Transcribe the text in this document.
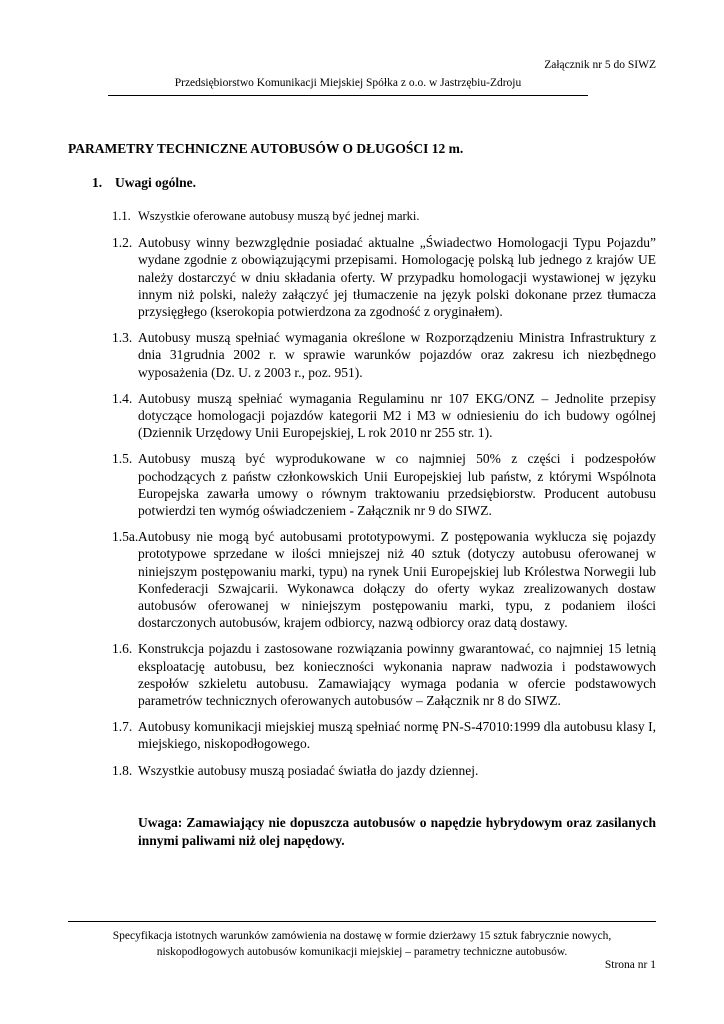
Załącznik nr 5 do SIWZ
Przedsiębiorstwo Komunikacji Miejskiej Spółka z o.o. w Jastrzębiu-Zdroju
PARAMETRY TECHNICZNE AUTOBUSÓW O DŁUGOŚCI 12 m.
1. Uwagi ogólne.
1.1. Wszystkie oferowane autobusy muszą być jednej marki.
1.2. Autobusy winny bezwzględnie posiadać aktualne „Świadectwo Homologacji Typu Pojazdu” wydane zgodnie z obowiązującymi przepisami. Homologację polską lub jednego z krajów UE należy dostarczyć w dniu składania oferty. W przypadku homologacji wystawionej w języku innym niż polski, należy załączyć jej tłumaczenie na język polski dokonane przez tłumacza przysięgłego (kserokopia potwierdzona za zgodność z oryginałem).
1.3. Autobusy muszą spełniać wymagania określone w Rozporządzeniu Ministra Infrastruktury z dnia 31grudnia 2002 r. w sprawie warunków pojazdów oraz zakresu ich niezbędnego wyposażenia (Dz. U. z 2003 r., poz. 951).
1.4. Autobusy muszą spełniać wymagania Regulaminu nr 107 EKG/ONZ – Jednolite przepisy dotyczące homologacji pojazdów kategorii M2 i M3 w odniesieniu do ich budowy ogólnej (Dziennik Urzędowy Unii Europejskiej, L rok 2010 nr 255 str. 1).
1.5. Autobusy muszą być wyprodukowane w co najmniej 50% z części i podzespołów pochodzących z państw członkowskich Unii Europejskiej lub państw, z którymi Wspólnota Europejska zawarła umowy o równym traktowaniu przedsiębiorstw. Producent autobusu potwierdzi ten wymóg oświadczeniem - Załącznik nr 9 do SIWZ.
1.5a. Autobusy nie mogą być autobusami prototypowymi. Z postępowania wyklucza się pojazdy prototypowe sprzedane w ilości mniejszej niż 40 sztuk (dotyczy autobusu oferowanej w niniejszym postępowaniu marki, typu) na rynek Unii Europejskiej lub Królestwa Norwegii lub Konfederacji Szwajcarii. Wykonawca dołączy do oferty wykaz zrealizowanych dostaw autobusów oferowanej w niniejszym postępowaniu marki, typu, z podaniem ilości dostarczonych autobusów, krajem odbiorcy, nazwą odbiorcy oraz datą dostawy.
1.6. Konstrukcja pojazdu i zastosowane rozwiązania powinny gwarantować, co najmniej 15 letnią eksploatację autobusu, bez konieczności wykonania napraw nadwozia i podstawowych zespołów szkieletu autobusu. Zamawiający wymaga podania w ofercie podstawowych parametrów technicznych oferowanych autobusów – Załącznik nr 8 do SIWZ.
1.7. Autobusy komunikacji miejskiej muszą spełniać normę PN-S-47010:1999 dla autobusu klasy I, miejskiego, niskopodłogowego.
1.8. Wszystkie autobusy muszą posiadać światła do jazdy dziennej.

Uwaga: Zamawiający nie dopuszcza autobusów o napędzie hybrydowym oraz zasilanych innymi paliwami niż olej napędowy.

Specyfikacja istotnych warunków zamówienia na dostawę w formie dzierżawy 15 sztuk fabrycznie nowych,
niskopodłogowych autobusów komunikacji miejskiej – parametry techniczne autobusów.
Strona nr 1
